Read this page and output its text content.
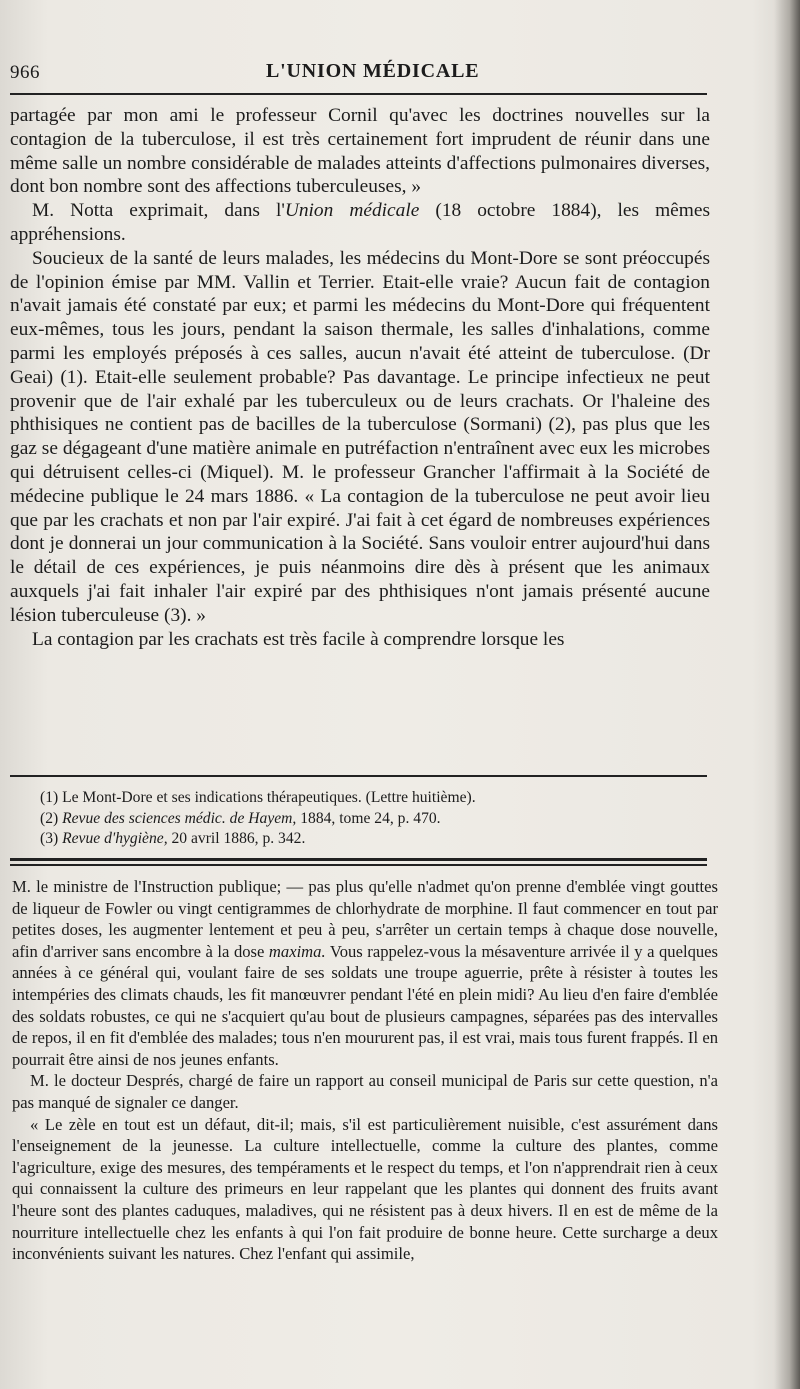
966	L'UNION MÉDICALE

partagée par mon ami le professeur Cornil qu'avec les doctrines nouvelles sur la contagion de la tuberculose, il est très certainement fort imprudent de réunir dans une même salle un nombre considérable de malades atteints d'affections pulmonaires diverses, dont bon nombre sont des affections tuberculeuses, »

M. Notta exprimait, dans l'Union médicale (18 octobre 1884), les mêmes appréhensions.

Soucieux de la santé de leurs malades, les médecins du Mont-Dore se sont préoccupés de l'opinion émise par MM. Vallin et Terrier. Etait-elle vraie? Aucun fait de contagion n'avait jamais été constaté par eux; et parmi les médecins du Mont-Dore qui fréquentent eux-mêmes, tous les jours, pendant la saison thermale, les salles d'inhalations, comme parmi les employés préposés à ces salles, aucun n'avait été atteint de tuberculose. (Dr Geai) (1). Etait-elle seulement probable? Pas davantage. Le principe infectieux ne peut provenir que de l'air exhalé par les tuberculeux ou de leurs crachats. Or l'haleine des phthisiques ne contient pas de bacilles de la tuberculose (Sormani) (2), pas plus que les gaz se dégageant d'une matière animale en putréfaction n'entraînent avec eux les microbes qui détruisent celles-ci (Miquel). M. le professeur Grancher l'affirmait à la Société de médecine publique le 24 mars 1886. « La contagion de la tuberculose ne peut avoir lieu que par les crachats et non par l'air expiré. J'ai fait à cet égard de nombreuses expériences dont je donnerai un jour communication à la Société. Sans vouloir entrer aujourd'hui dans le détail de ces expériences, je puis néanmoins dire dès à présent que les animaux auxquels j'ai fait inhaler l'air expiré par des phthisiques n'ont jamais présenté aucune lésion tuberculeuse (3). »

La contagion par les crachats est très facile à comprendre lorsque les

(1) Le Mont-Dore et ses indications thérapeutiques. (Lettre huitième).
(2) Revue des sciences médic. de Hayem, 1884, tome 24, p. 470.
(3) Revue d'hygiène, 20 avril 1886, p. 342.

M. le ministre de l'Instruction publique; — pas plus qu'elle n'admet qu'on prenne d'emblée vingt gouttes de liqueur de Fowler ou vingt centigrammes de chlorhydrate de morphine. Il faut commencer en tout par petites doses, les augmenter lentement et peu à peu, s'arrêter un certain temps à chaque dose nouvelle, afin d'arriver sans encombre à la dose maxima. Vous rappelez-vous la mésaventure arrivée il y a quelques années à ce général qui, voulant faire de ses soldats une troupe aguerrie, prête à résister à toutes les intempéries des climats chauds, les fit manœuvrer pendant l'été en plein midi? Au lieu d'en faire d'emblée des soldats robustes, ce qui ne s'acquiert qu'au bout de plusieurs campagnes, séparées pas des intervalles de repos, il en fit d'emblée des malades; tous n'en moururent pas, il est vrai, mais tous furent frappés. Il en pourrait être ainsi de nos jeunes enfants.

M. le docteur Després, chargé de faire un rapport au conseil municipal de Paris sur cette question, n'a pas manqué de signaler ce danger.

« Le zèle en tout est un défaut, dit-il; mais, s'il est particulièrement nuisible, c'est assurément dans l'enseignement de la jeunesse. La culture intellectuelle, comme la culture des plantes, comme l'agriculture, exige des mesures, des tempéraments et le respect du temps, et l'on n'apprendrait rien à ceux qui connaissent la culture des primeurs en leur rappelant que les plantes qui donnent des fruits avant l'heure sont des plantes caduques, maladives, qui ne résistent pas à deux hivers. Il en est de même de la nourriture intellectuelle chez les enfants à qui l'on fait produire de bonne heure. Cette surcharge a deux inconvénients suivant les natures. Chez l'enfant qui assimile,
